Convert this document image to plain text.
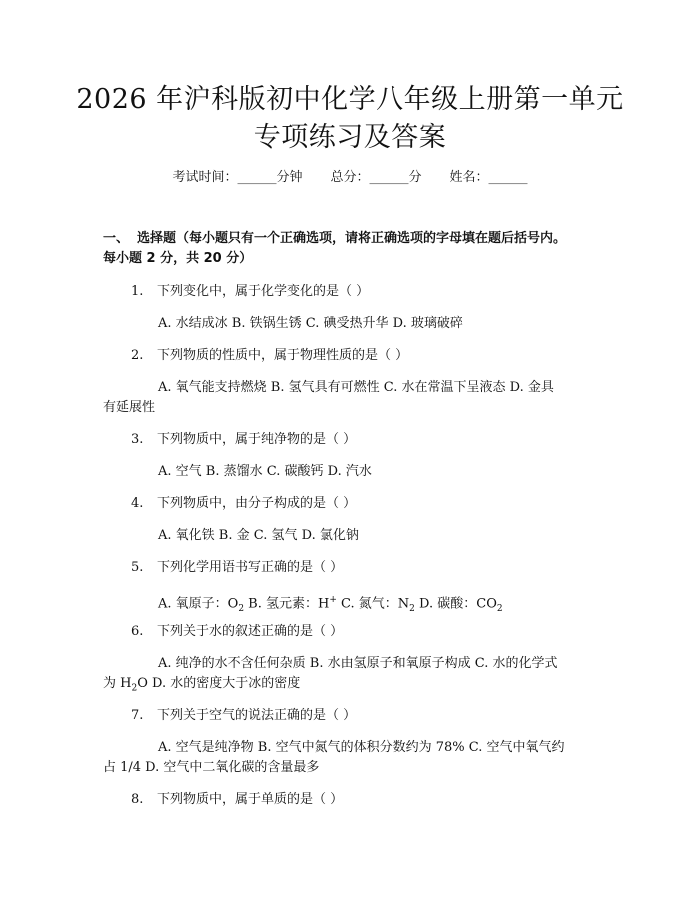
2026 年沪科版初中化学八年级上册第一单元
专项练习及答案
考试时间：______分钟 总分：______分 姓名：______
一、 选择题（每小题只有一个正确选项，请将正确选项的字母填在题后括号内。
每小题 2 分，共 20 分）
1. 下列变化中，属于化学变化的是（ ）
A. 水结成冰 B. 铁锅生锈 C. 碘受热升华 D. 玻璃破碎
2. 下列物质的性质中，属于物理性质的是（ ）
A. 氧气能支持燃烧 B. 氢气具有可燃性 C. 水在常温下呈液态 D. 金具
有延展性
3. 下列物质中，属于纯净物的是（ ）
A. 空气 B. 蒸馏水 C. 碳酸钙 D. 汽水
4. 下列物质中，由分子构成的是（ ）
A. 氧化铁 B. 金 C. 氢气 D. 氯化钠
5. 下列化学用语书写正确的是（ ）
A. 氧原子：$O_2$ B. 氢元素：H+ C. 氮气：$N_2$ D. 碳酸：$CO_2$
6. 下列关于水的叙述正确的是（ ）
A. 纯净的水不含任何杂质 B. 水由氢原子和氧原子构成 C. 水的化学式
为 $H_2O$ D. 水的密度大于冰的密度
7. 下列关于空气的说法正确的是（ ）
A. 空气是纯净物 B. 空气中氮气的体积分数约为 78% C. 空气中氧气约
占 1/4 D. 空气中二氧化碳的含量最多
8. 下列物质中，属于单质的是（ ）
